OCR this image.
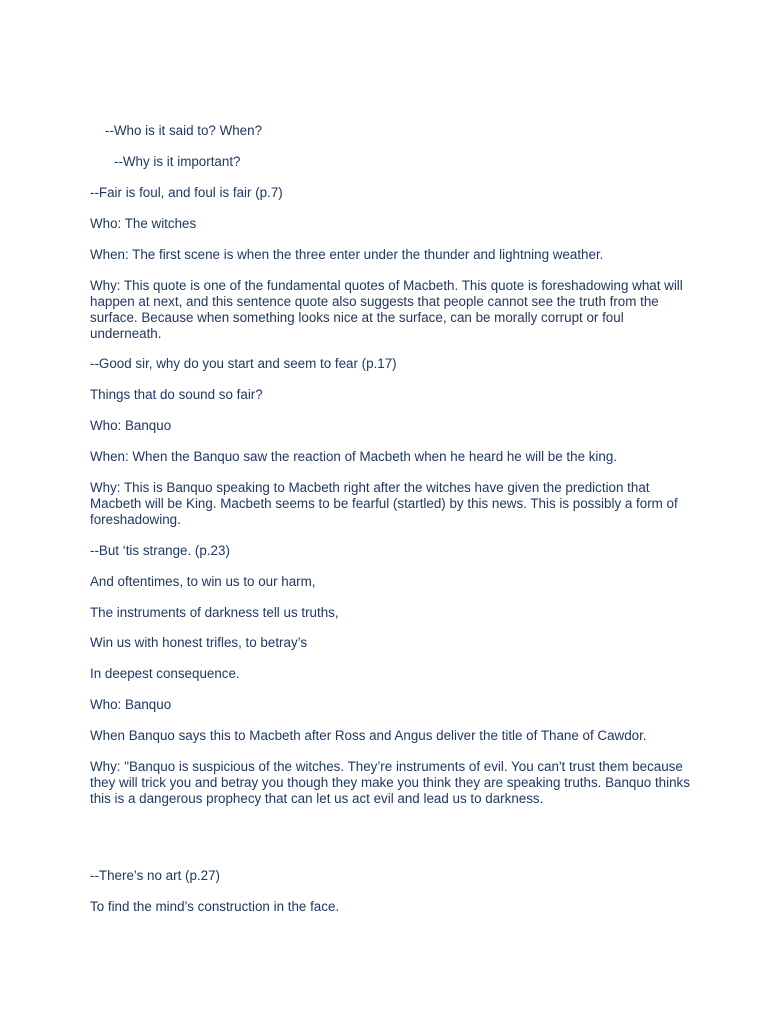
--Who is it said to? When?

--Why is it important?

--Fair is foul, and foul is fair (p.7)

Who: The witches

When: The first scene is when the three enter under the thunder and lightning weather.

Why: This quote is one of the fundamental quotes of Macbeth. This quote is foreshadowing what will happen at next, and this sentence quote also suggests that people cannot see the truth from the surface. Because when something looks nice at the surface, can be morally corrupt or foul underneath.

--Good sir, why do you start and seem to fear (p.17)

Things that do sound so fair?

Who: Banquo

When: When the Banquo saw the reaction of Macbeth when he heard he will be the king.

Why: This is Banquo speaking to Macbeth right after the witches have given the prediction that Macbeth will be King. Macbeth seems to be fearful (startled) by this news. This is possibly a form of foreshadowing.

--But ‘tis strange. (p.23)

And oftentimes, to win us to our harm,

The instruments of darkness tell us truths,

Win us with honest trifles, to betray’s

In deepest consequence.

Who: Banquo

When Banquo says this to Macbeth after Ross and Angus deliver the title of Thane of Cawdor.

Why: "Banquo is suspicious of the witches. They’re instruments of evil. You can't trust them because they will trick you and betray you though they make you think they are speaking truths. Banquo thinks this is a dangerous prophecy that can let us act evil and lead us to darkness.

--There’s no art (p.27)

To find the mind’s construction in the face.
